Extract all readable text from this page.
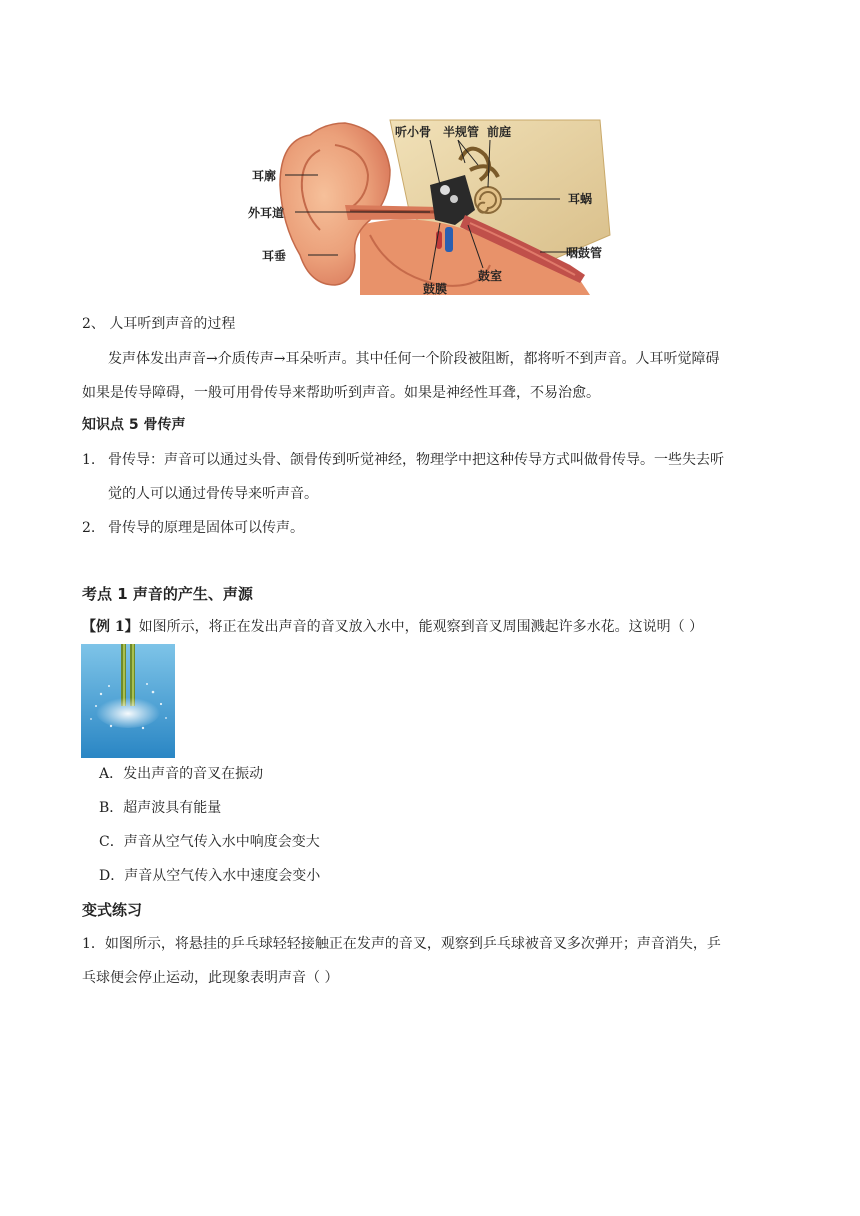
听小骨 半规管 前庭
耳廓
耳蜗
外耳道
耳垂	咽鼓管
鼓室
鼓膜
2、 人耳听到声音的过程
发声体发出声音→介质传声→耳朵听声。其中任何一个阶段被阻断，都将听不到声音。人耳听觉障碍
如果是传导障碍，一般可用骨传导来帮助听到声音。如果是神经性耳聋，不易治愈。
知识点 5 骨传声
1. 骨传导：声音可以通过头骨、颌骨传到听觉神经，物理学中把这种传导方式叫做骨传导。一些失去听
觉的人可以通过骨传导来听声音。
2. 骨传导的原理是固体可以传声。
考点 1 声音的产生、声源
【例 1】如图所示，将正在发出声音的音叉放入水中，能观察到音叉周围溅起许多水花。这说明（ ）
A．发出声音的音叉在振动
B．超声波具有能量
C．声音从空气传入水中响度会变大
D．声音从空气传入水中速度会变小
变式练习
1．如图所示，将悬挂的乒乓球轻轻接触正在发声的音叉，观察到乒乓球被音叉多次弹开；声音消失，乒
乓球便会停止运动，此现象表明声音（ ）
